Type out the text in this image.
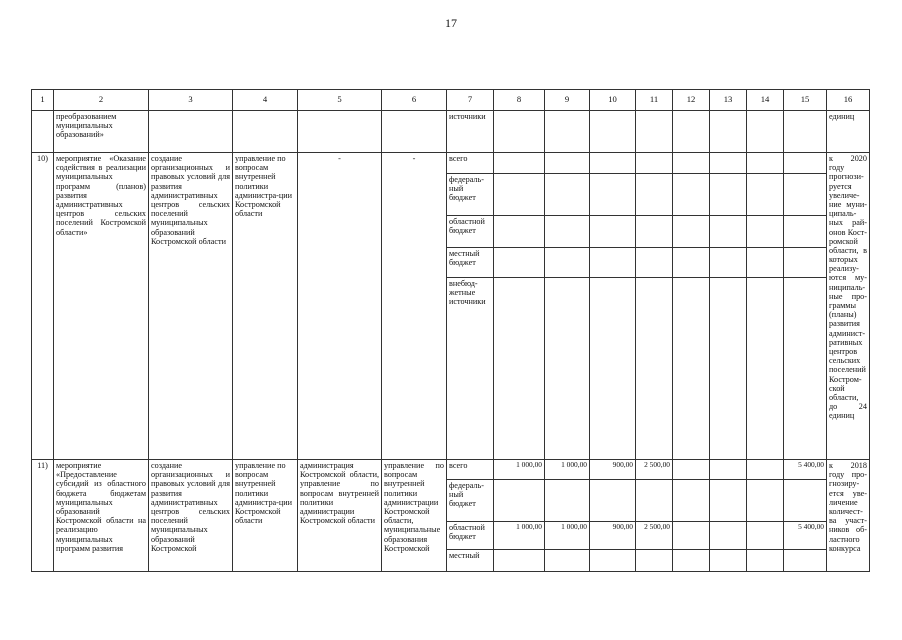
17
1	2	3	4	5	6	7	8	9	10	11	12	13	14	15	16
	преобразованием муниципальных образований»					источники									единиц
10)	мероприятие «Оказание содействия в реализации муниципальных программ (планов) развития административных центров сельских поселений Костромской области»	создание организационных и правовых условий для развития административных центров сельских поселений муниципальных образований Костромской области	управление по вопросам внутренней политики администра-ции Костромской области	-	-	всего									к 2020 году прогнози-руется увеличе-ние муни-ципаль-ных рай-онов Кост-ромской области, в которых реализу-ются му-ниципаль-ные про-граммы (планы) развития админист-ративных центров сельских поселений Костром-ской области, до 24 единиц
						федераль-ный бюджет									
						областной бюджет									
						местный бюджет									
						внебюд-жетные источники									
11)	мероприятие «Предоставление субсидий из областного бюджета бюджетам муниципальных образований Костромской области на реализацию муниципальных программ развития	создание организационных и правовых условий для развития административных центров сельских поселений муниципальных образований Костромской	управление по вопросам внутренней политики администра-ции Костромской области	администрация Костромской области, управление по вопросам внутренней политики администрации Костромской области	управление по вопросам внутренней политики администрации Костромской области, муниципальные образования Костромской	всего	1 000,00	1 000,00	900,00	2 500,00				5 400,00	к 2018 году про-гнозиру-ется уве-личение количест-ва участ-ников об-ластного конкурса
						федераль-ный бюджет									
						областной бюджет	1 000,00	1 000,00	900,00	2 500,00				5 400,00	
						местный									
